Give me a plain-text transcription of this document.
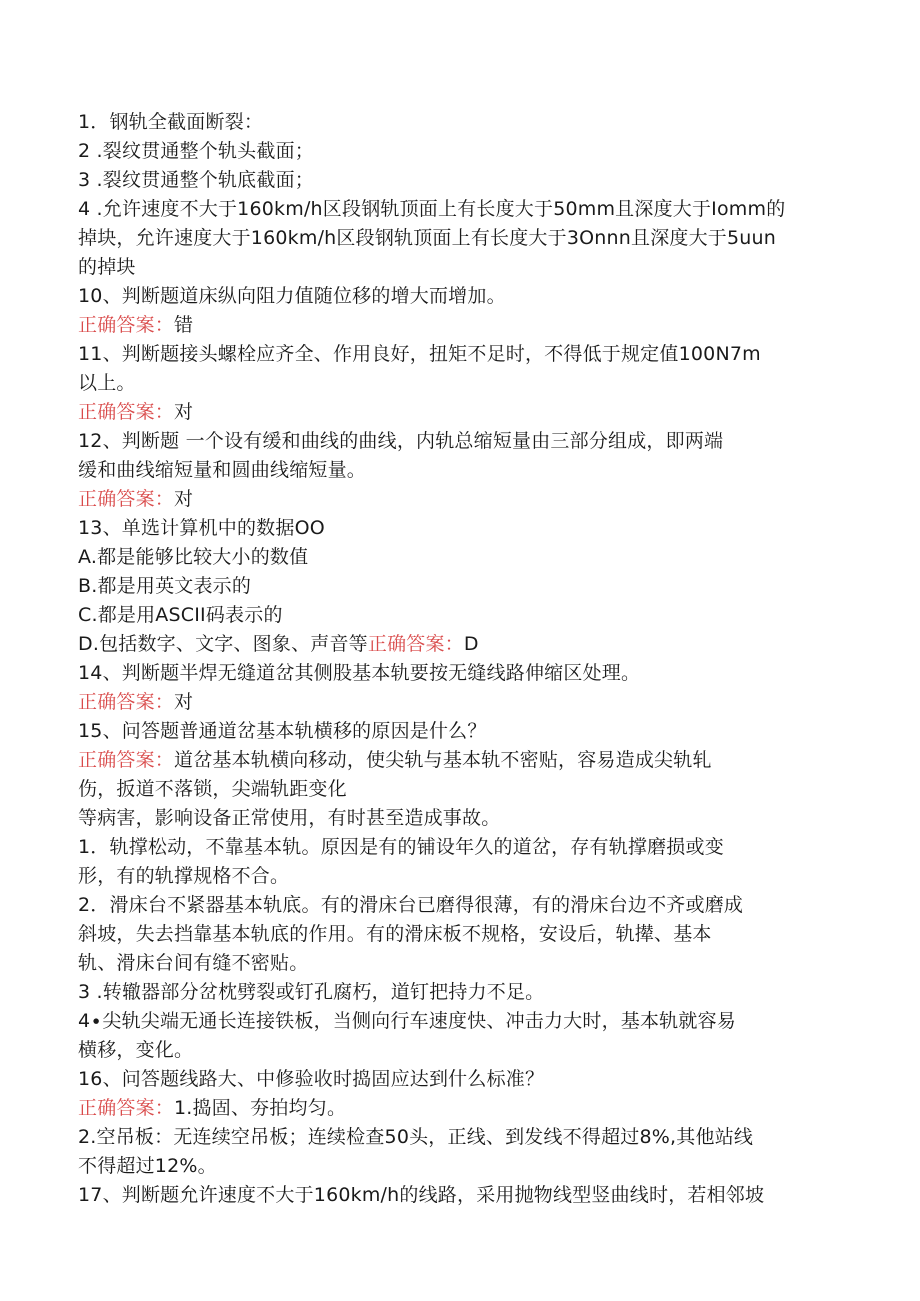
1．钢轨全截面断裂：
2 .裂纹贯通整个轨头截面；
3 .裂纹贯通整个轨底截面；
4 .允许速度不大于160km∕h区段钢轨顶面上有长度大于50mm且深度大于Iomm的
掉块，允许速度大于160km∕h区段钢轨顶面上有长度大于3Onnn且深度大于5uun
的掉块
10、判断题道床纵向阻力值随位移的增大而增加。
正确答案：错
11、判断题接头螺栓应齐全、作用良好，扭矩不足时，不得低于规定值100N7m
以上。
正确答案：对
12、判断题 一个设有缓和曲线的曲线，内轨总缩短量由三部分组成，即两端
缓和曲线缩短量和圆曲线缩短量。
正确答案：对
13、单选计算机中的数据OO
A.都是能够比较大小的数值
B.都是用英文表示的
C.都是用ASCII码表示的
D.包括数字、文字、图象、声音等正确答案：D
14、判断题半焊无缝道岔其侧股基本轨要按无缝线路伸缩区处理。
正确答案：对
15、问答题普通道岔基本轨横移的原因是什么？
正确答案：道岔基本轨横向移动，使尖轨与基本轨不密贴，容易造成尖轨轧
伤，扳道不落锁，尖端轨距变化
等病害，影响设备正常使用，有时甚至造成事故。
1．轨撑松动，不靠基本轨。原因是有的铺设年久的道岔，存有轨撑磨损或变
形，有的轨撑规格不合。
2．滑床台不紧器基本轨底。有的滑床台已磨得很薄，有的滑床台边不齐或磨成
斜坡，失去挡靠基本轨底的作用。有的滑床板不规格，安设后，轨撵、基本
轨、滑床台间有缝不密贴。
3 .转辙器部分岔枕劈裂或钉孔腐朽，道钉把持力不足。
4∙尖轨尖端无通长连接铁板，当侧向行车速度快、冲击力大时，基本轨就容易
横移，变化。
16、问答题线路大、中修验收时捣固应达到什么标准？
正确答案：1.捣固、夯拍均匀。
2.空吊板：无连续空吊板；连续检查50头，正线、到发线不得超过8%,其他站线
不得超过12%。
17、判断题允许速度不大于160km∕h的线路，采用抛物线型竖曲线时，若相邻坡
